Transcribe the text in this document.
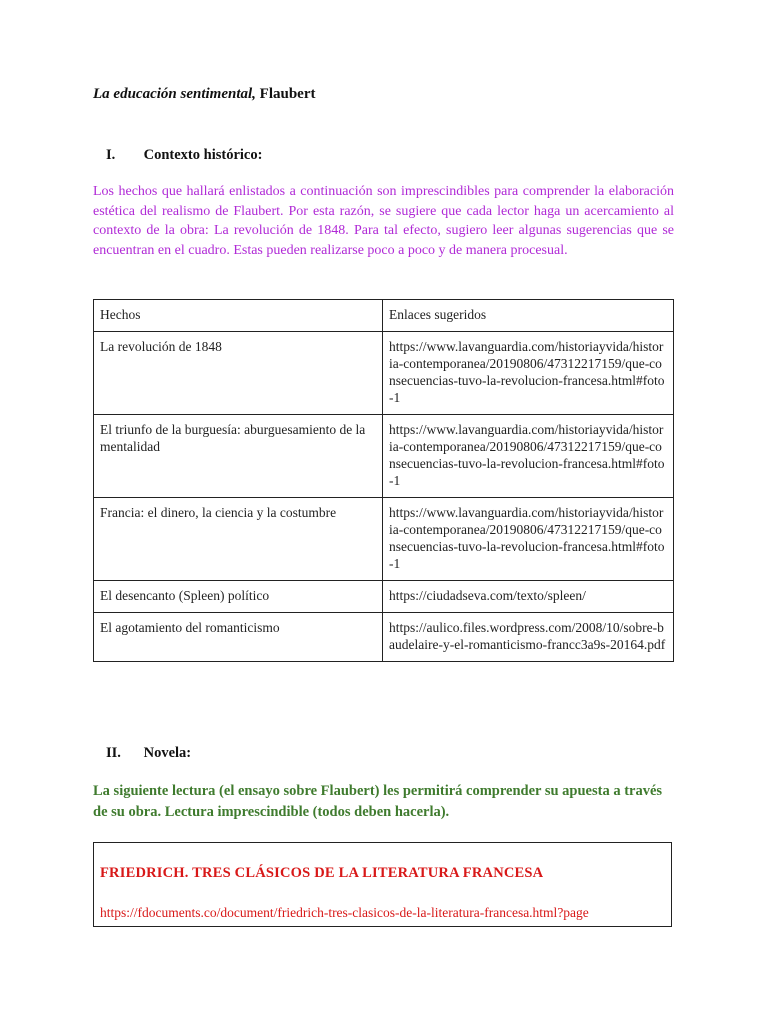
La educación sentimental, Flaubert
I. Contexto histórico:
Los hechos que hallará enlistados a continuación son imprescindibles para comprender la elaboración estética del realismo de Flaubert. Por esta razón, se sugiere que cada lector haga un acercamiento al contexto de la obra: La revolución de 1848. Para tal efecto, sugiero leer algunas sugerencias que se encuentran en el cuadro. Estas pueden realizarse poco a poco y de manera procesual.
Hechos	Enlaces sugeridos
La revolución de 1848	https://www.lavanguardia.com/historiayvida/historia-contemporanea/20190806/47312217159/que-consecuencias-tuvo-la-revolucion-francesa.html#foto-1
El triunfo de la burguesía: aburguesamiento de la mentalidad	https://www.lavanguardia.com/historiayvida/historia-contemporanea/20190806/47312217159/que-consecuencias-tuvo-la-revolucion-francesa.html#foto-1
Francia: el dinero, la ciencia y la costumbre	https://www.lavanguardia.com/historiayvida/historia-contemporanea/20190806/47312217159/que-consecuencias-tuvo-la-revolucion-francesa.html#foto-1
El desencanto (Spleen) político	https://ciudadseva.com/texto/spleen/
El agotamiento del romanticismo	https://aulico.files.wordpress.com/2008/10/sobre-baudelaire-y-el-romanticismo-francc3a9s-20164.pdf
II. Novela:
La siguiente lectura (el ensayo sobre Flaubert) les permitirá comprender su apuesta a través de su obra. Lectura imprescindible (todos deben hacerla).
FRIEDRICH. TRES CLÁSICOS DE LA LITERATURA FRANCESA
https://fdocuments.co/document/friedrich-tres-clasicos-de-la-literatura-francesa.html?page
